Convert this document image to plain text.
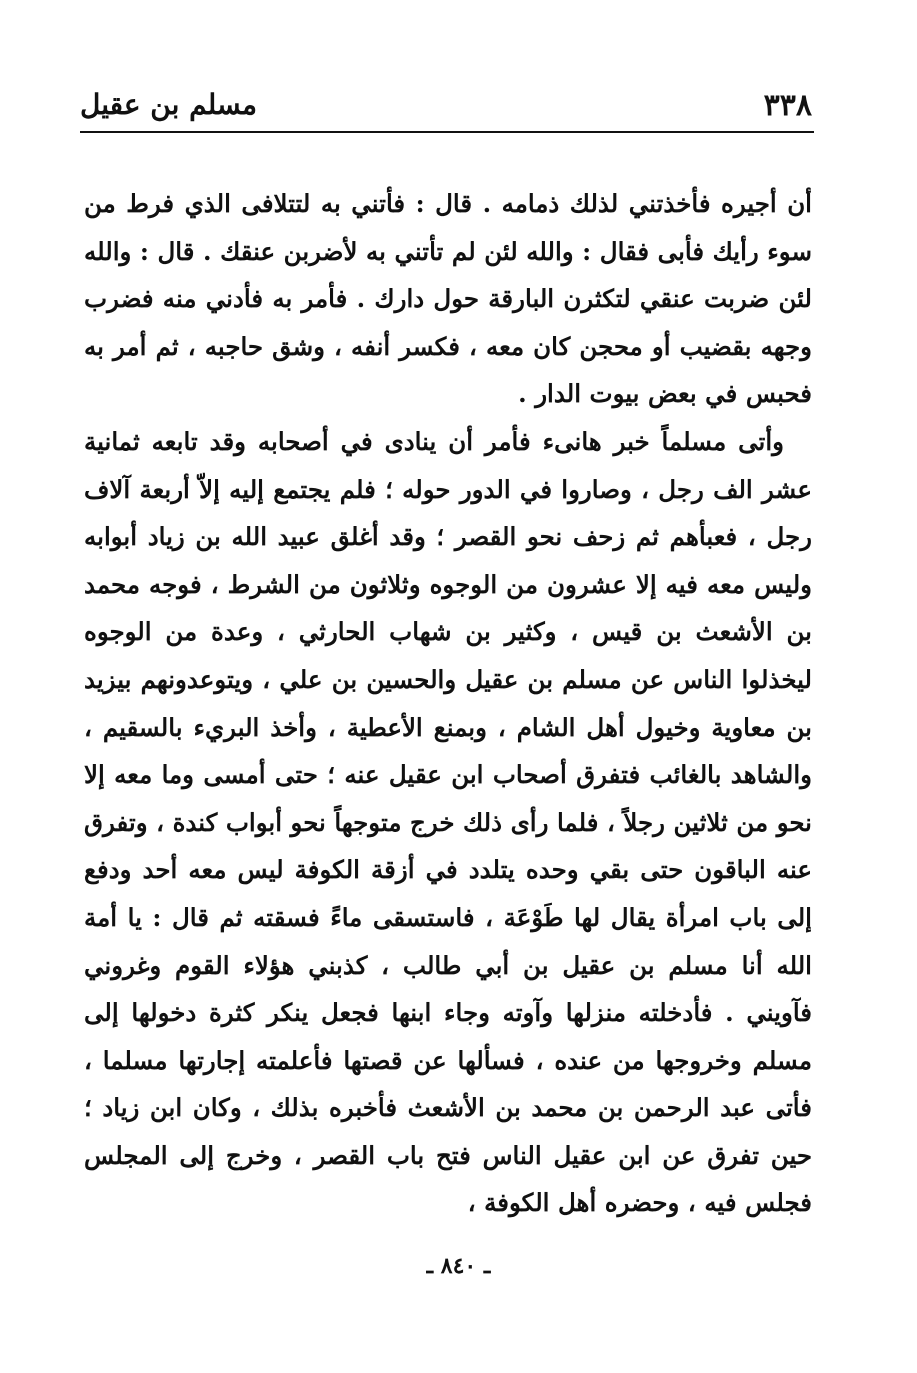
٣٣٨
مسلم بن عقيل

أن أجيره فأخذتني لذلك ذمامه . قال : فأتني به لتتلافى الذي فرط من سوء رأيك فأبى فقال : والله لئن لم تأتني به لأضربن عنقك . قال : والله لئن ضربت عنقي لتكثرن البارقة حول دارك . فأمر به فأدني منه فضرب وجهه بقضيب أو محجن كان معه ، فكسر أنفه ، وشق حاجبه ، ثم أمر به فحبس في بعض بيوت الدار .

وأتى مسلماً خبر هانىء فأمر أن ينادى في أصحابه وقد تابعه ثمانية عشر الف رجل ، وصاروا في الدور حوله ؛ فلم يجتمع إليه إلاّ أربعة آلاف رجل ، فعبأهم ثم زحف نحو القصر ؛ وقد أغلق عبيد الله بن زياد أبوابه وليس معه فيه إلا عشرون من الوجوه وثلاثون من الشرط ، فوجه محمد بن الأشعث بن قيس ، وكثير بن شهاب الحارثي ، وعدة من الوجوه ليخذلوا الناس عن مسلم بن عقيل والحسين بن علي ، ويتوعدونهم بيزيد بن معاوية وخيول أهل الشام ، وبمنع الأعطية ، وأخذ البريء بالسقيم ، والشاهد بالغائب فتفرق أصحاب ابن عقيل عنه ؛ حتى أمسى وما معه إلا نحو من ثلاثين رجلاً ، فلما رأى ذلك خرج متوجهاً نحو أبواب كندة ، وتفرق عنه الباقون حتى بقي وحده يتلدد في أزقة الكوفة ليس معه أحد ودفع إلى باب امرأة يقال لها طَوْعَة ، فاستسقى ماءً فسقته ثم قال : يا أمة الله أنا مسلم بن عقيل بن أبي طالب ، كذبني هؤلاء القوم وغروني فآويني . فأدخلته منزلها وآوته وجاء ابنها فجعل ينكر كثرة دخولها إلى مسلم وخروجها من عنده ، فسألها عن قصتها فأعلمته إجارتها مسلما ، فأتى عبد الرحمن بن محمد بن الأشعث فأخبره بذلك ، وكان ابن زياد ؛ حين تفرق عن ابن عقيل الناس فتح باب القصر ، وخرج إلى المجلس فجلس فيه ، وحضره أهل الكوفة ،

ـ ٨٤٠ ـ
